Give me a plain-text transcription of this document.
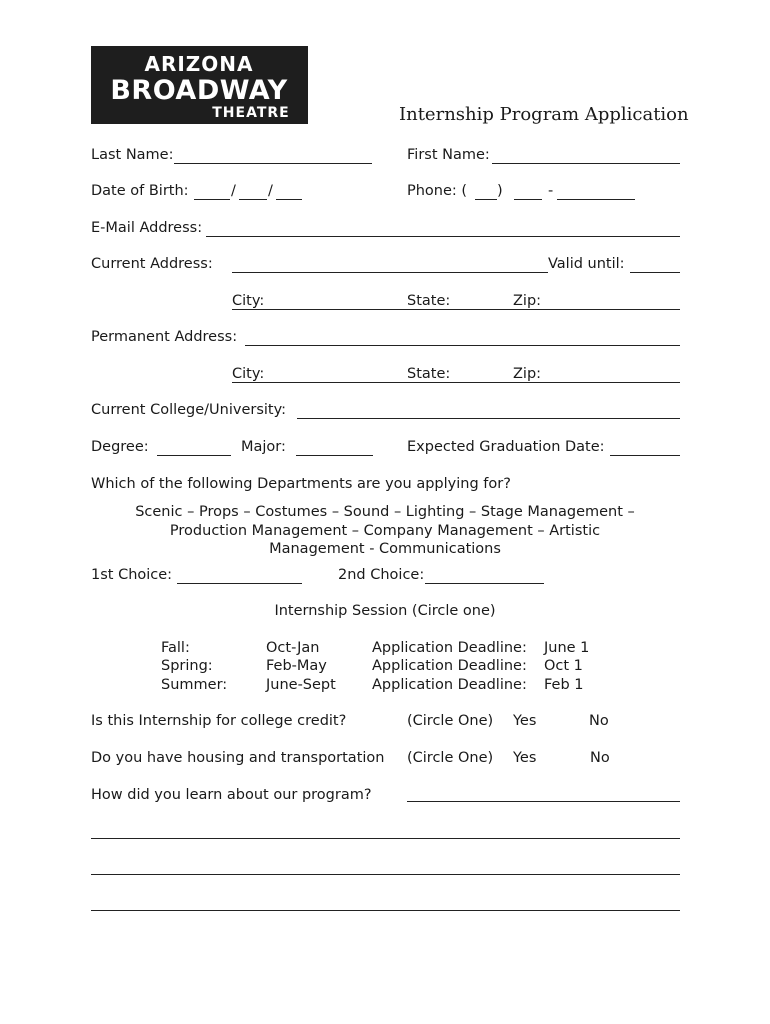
ARIZONA
BROADWAY
THEATRE	Internship Program Application
Last Name:	First Name:
Date of Birth:	/ /	Phone: ( )	-
E-Mail Address:
Current Address:	Valid until:
City:	State:	Zip:
Permanent Address:
City:	State:	Zip:
Current College/University:
Degree:	Major:	Expected Graduation Date:
Which of the following Departments are you applying for?
Scenic – Props – Costumes – Sound – Lighting – Stage Management –
Production Management – Company Management – Artistic
Management - Communications
1st Choice:	2nd Choice:
Internship Session (Circle one)
Fall:	Oct-Jan	Application Deadline: June 1
Spring:	Feb-May	Application Deadline: Oct 1
Summer:	June-Sept Application Deadline: Feb 1
Is this Internship for college credit?	(Circle One) Yes	No
Do you have housing and transportation (Circle One) Yes	No
How did you learn about our program?
